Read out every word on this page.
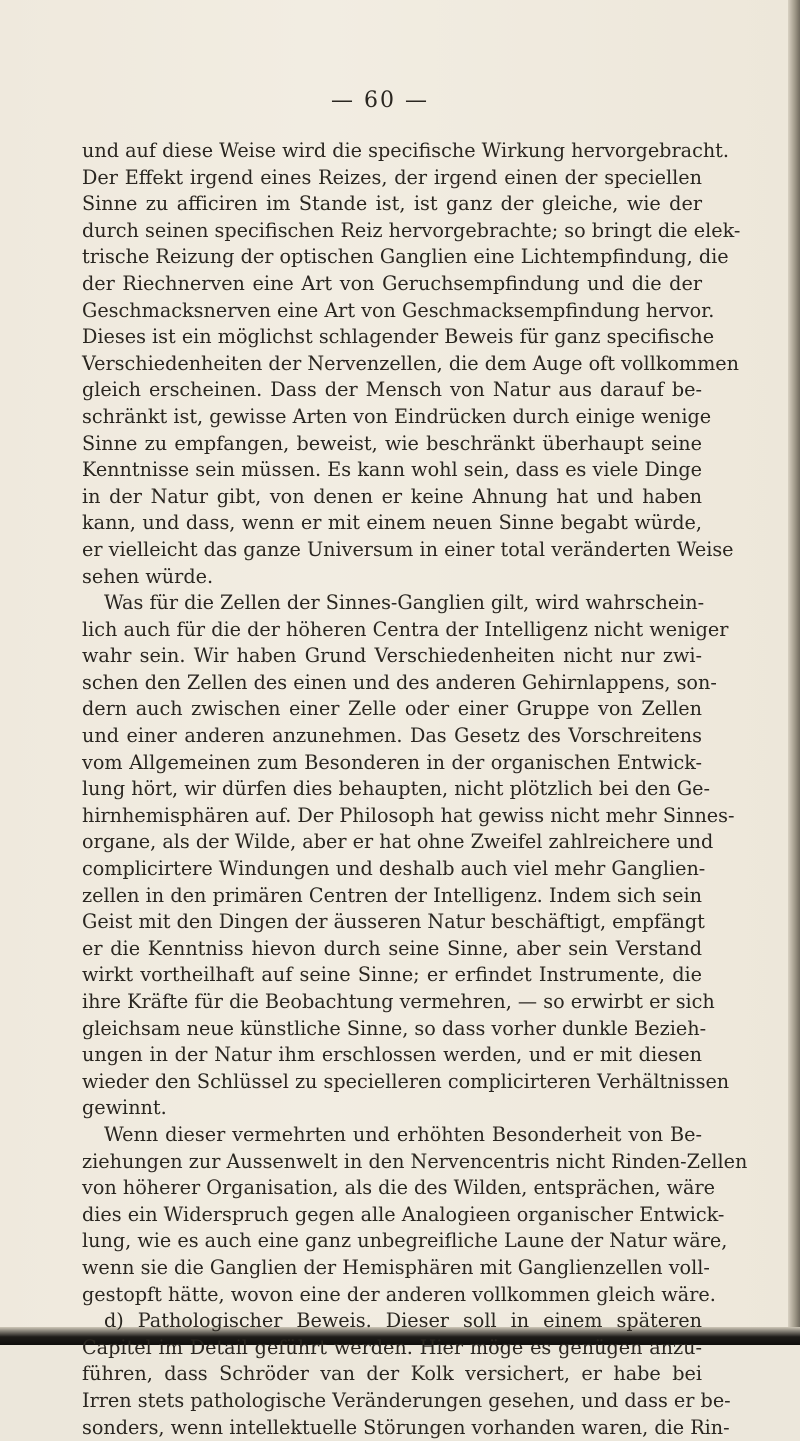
— 60 —
und auf diese Weise wird die specifische Wirkung hervorgebracht.
Der Effekt irgend eines Reizes, der irgend einen der speciellen
Sinne zu afficiren im Stande ist, ist ganz der gleiche, wie der
durch seinen specifischen Reiz hervorgebrachte; so bringt die elek-
trische Reizung der optischen Ganglien eine Lichtempfindung, die
der Riechnerven eine Art von Geruchsempfindung und die der
Geschmacksnerven eine Art von Geschmacksempfindung hervor.
Dieses ist ein möglichst schlagender Beweis für ganz specifische
Verschiedenheiten der Nervenzellen, die dem Auge oft vollkommen
gleich erscheinen. Dass der Mensch von Natur aus darauf be-
schränkt ist, gewisse Arten von Eindrücken durch einige wenige
Sinne zu empfangen, beweist, wie beschränkt überhaupt seine
Kenntnisse sein müssen. Es kann wohl sein, dass es viele Dinge
in der Natur gibt, von denen er keine Ahnung hat und haben
kann, und dass, wenn er mit einem neuen Sinne begabt würde,
er vielleicht das ganze Universum in einer total veränderten Weise
sehen würde.
Was für die Zellen der Sinnes-Ganglien gilt, wird wahrschein-
lich auch für die der höheren Centra der Intelligenz nicht weniger
wahr sein. Wir haben Grund Verschiedenheiten nicht nur zwi-
schen den Zellen des einen und des anderen Gehirnlappens, son-
dern auch zwischen einer Zelle oder einer Gruppe von Zellen
und einer anderen anzunehmen. Das Gesetz des Vorschreitens
vom Allgemeinen zum Besonderen in der organischen Entwick-
lung hört, wir dürfen dies behaupten, nicht plötzlich bei den Ge-
hirnhemisphären auf. Der Philosoph hat gewiss nicht mehr Sinnes-
organe, als der Wilde, aber er hat ohne Zweifel zahlreichere und
complicirtere Windungen und deshalb auch viel mehr Ganglien-
zellen in den primären Centren der Intelligenz. Indem sich sein
Geist mit den Dingen der äusseren Natur beschäftigt, empfängt
er die Kenntniss hievon durch seine Sinne, aber sein Verstand
wirkt vortheilhaft auf seine Sinne; er erfindet Instrumente, die
ihre Kräfte für die Beobachtung vermehren, — so erwirbt er sich
gleichsam neue künstliche Sinne, so dass vorher dunkle Bezieh-
ungen in der Natur ihm erschlossen werden, und er mit diesen
wieder den Schlüssel zu specielleren complicirteren Verhältnissen
gewinnt.
Wenn dieser vermehrten und erhöhten Besonderheit von Be-
ziehungen zur Aussenwelt in den Nervencentris nicht Rinden-Zellen
von höherer Organisation, als die des Wilden, entsprächen, wäre
dies ein Widerspruch gegen alle Analogieen organischer Entwick-
lung, wie es auch eine ganz unbegreifliche Laune der Natur wäre,
wenn sie die Ganglien der Hemisphären mit Ganglienzellen voll-
gestopft hätte, wovon eine der anderen vollkommen gleich wäre.
d) Pathologischer Beweis. Dieser soll in einem späteren
Capitel im Detail geführt werden. Hier möge es genügen anzu-
führen, dass Schröder van der Kolk versichert, er habe bei
Irren stets pathologische Veränderungen gesehen, und dass er be-
sonders, wenn intellektuelle Störungen vorhanden waren, die Rin-
